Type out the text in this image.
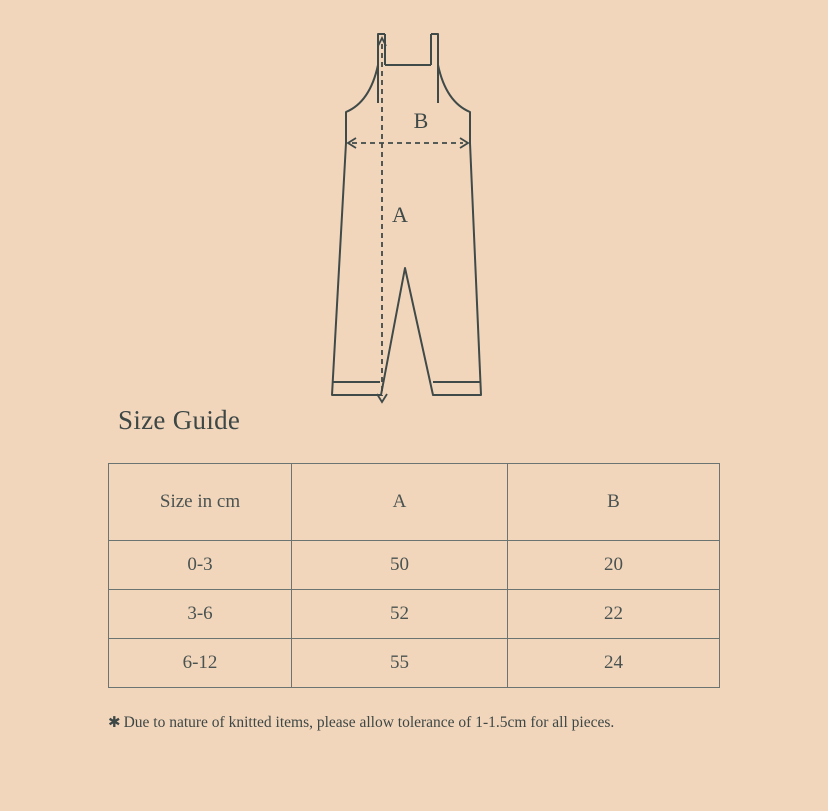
B
A
Size Guide
Size in cm	A	B
0-3	50	20
3-6	52	22
6-12	55	24
✱ Due to nature of knitted items, please allow tolerance of 1-1.5cm for all pieces.
